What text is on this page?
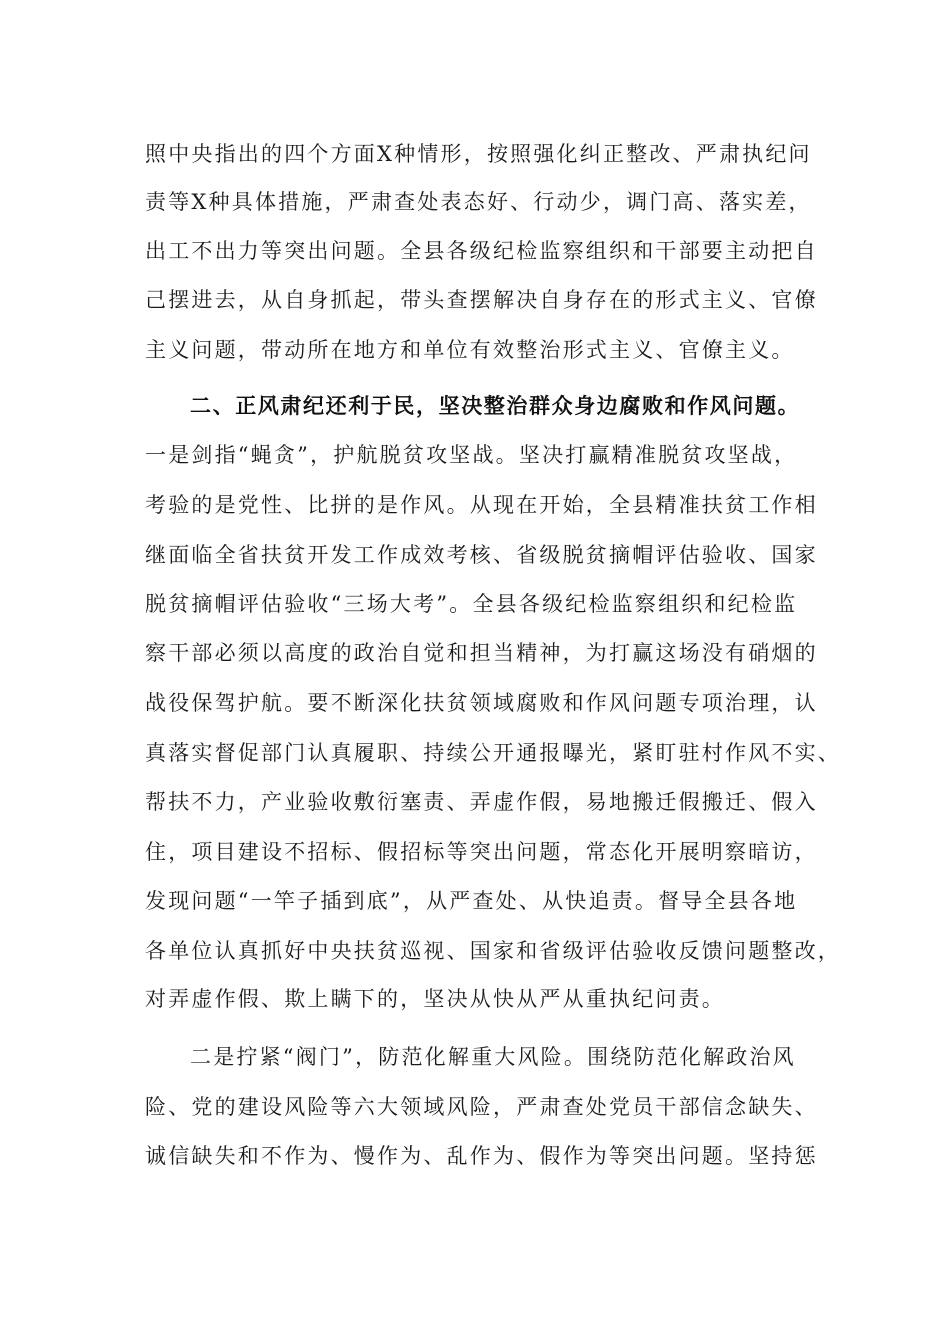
照中央指出的四个方面X种情形，按照强化纠正整改、严肃执纪问
责等X种具体措施，严肃查处表态好、行动少，调门高、落实差，
出工不出力等突出问题。全县各级纪检监察组织和干部要主动把自
己摆进去，从自身抓起，带头查摆解决自身存在的形式主义、官僚
主义问题，带动所在地方和单位有效整治形式主义、官僚主义。
二、正风肃纪还利于民，坚决整治群众身边腐败和作风问题。
一是剑指“蝇贪”，护航脱贫攻坚战。坚决打赢精准脱贫攻坚战，
考验的是党性、比拼的是作风。从现在开始，全县精准扶贫工作相
继面临全省扶贫开发工作成效考核、省级脱贫摘帽评估验收、国家
脱贫摘帽评估验收“三场大考”。全县各级纪检监察组织和纪检监
察干部必须以高度的政治自觉和担当精神，为打赢这场没有硝烟的
战役保驾护航。要不断深化扶贫领域腐败和作风问题专项治理，认
真落实督促部门认真履职、持续公开通报曝光，紧盯驻村作风不实、
帮扶不力，产业验收敷衍塞责、弄虚作假，易地搬迁假搬迁、假入
住，项目建设不招标、假招标等突出问题，常态化开展明察暗访，
发现问题“一竿子插到底”，从严查处、从快追责。督导全县各地
各单位认真抓好中央扶贫巡视、国家和省级评估验收反馈问题整改，
对弄虚作假、欺上瞒下的，坚决从快从严从重执纪问责。
二是拧紧“阀门”，防范化解重大风险。围绕防范化解政治风
险、党的建设风险等六大领域风险，严肃查处党员干部信念缺失、
诚信缺失和不作为、慢作为、乱作为、假作为等突出问题。坚持惩
